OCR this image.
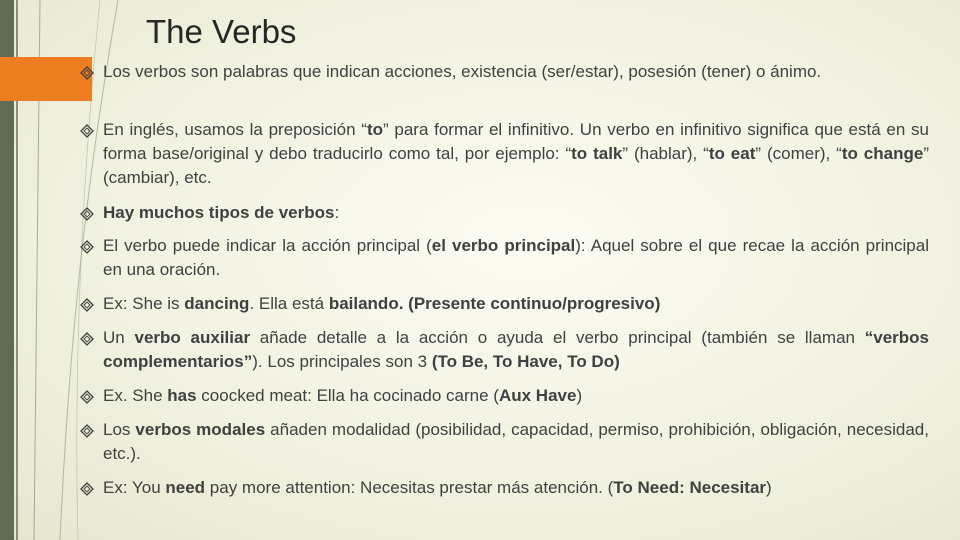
The Verbs

Los verbos son palabras que indican acciones, existencia (ser/estar), posesión (tener) o ánimo.

En inglés, usamos la preposición “to” para formar el infinitivo. Un verbo en infinitivo significa que está en su forma base/original y debo traducirlo como tal, por ejemplo: “to talk” (hablar), “to eat” (comer), “to change” (cambiar), etc.

Hay muchos tipos de verbos:

El verbo puede indicar la acción principal (el verbo principal): Aquel sobre el que recae la acción principal en una oración.

Ex: She is dancing. Ella está bailando. (Presente continuo/progresivo)

Un verbo auxiliar añade detalle a la acción o ayuda el verbo principal (también se llaman “verbos complementarios”). Los principales son 3 (To Be, To Have, To Do)

Ex. She has coocked meat: Ella ha cocinado carne (Aux Have)

Los verbos modales añaden modalidad (posibilidad, capacidad, permiso, prohibición, obligación, necesidad, etc.).

Ex: You need pay more attention: Necesitas prestar más atención. (To Need: Necesitar)
